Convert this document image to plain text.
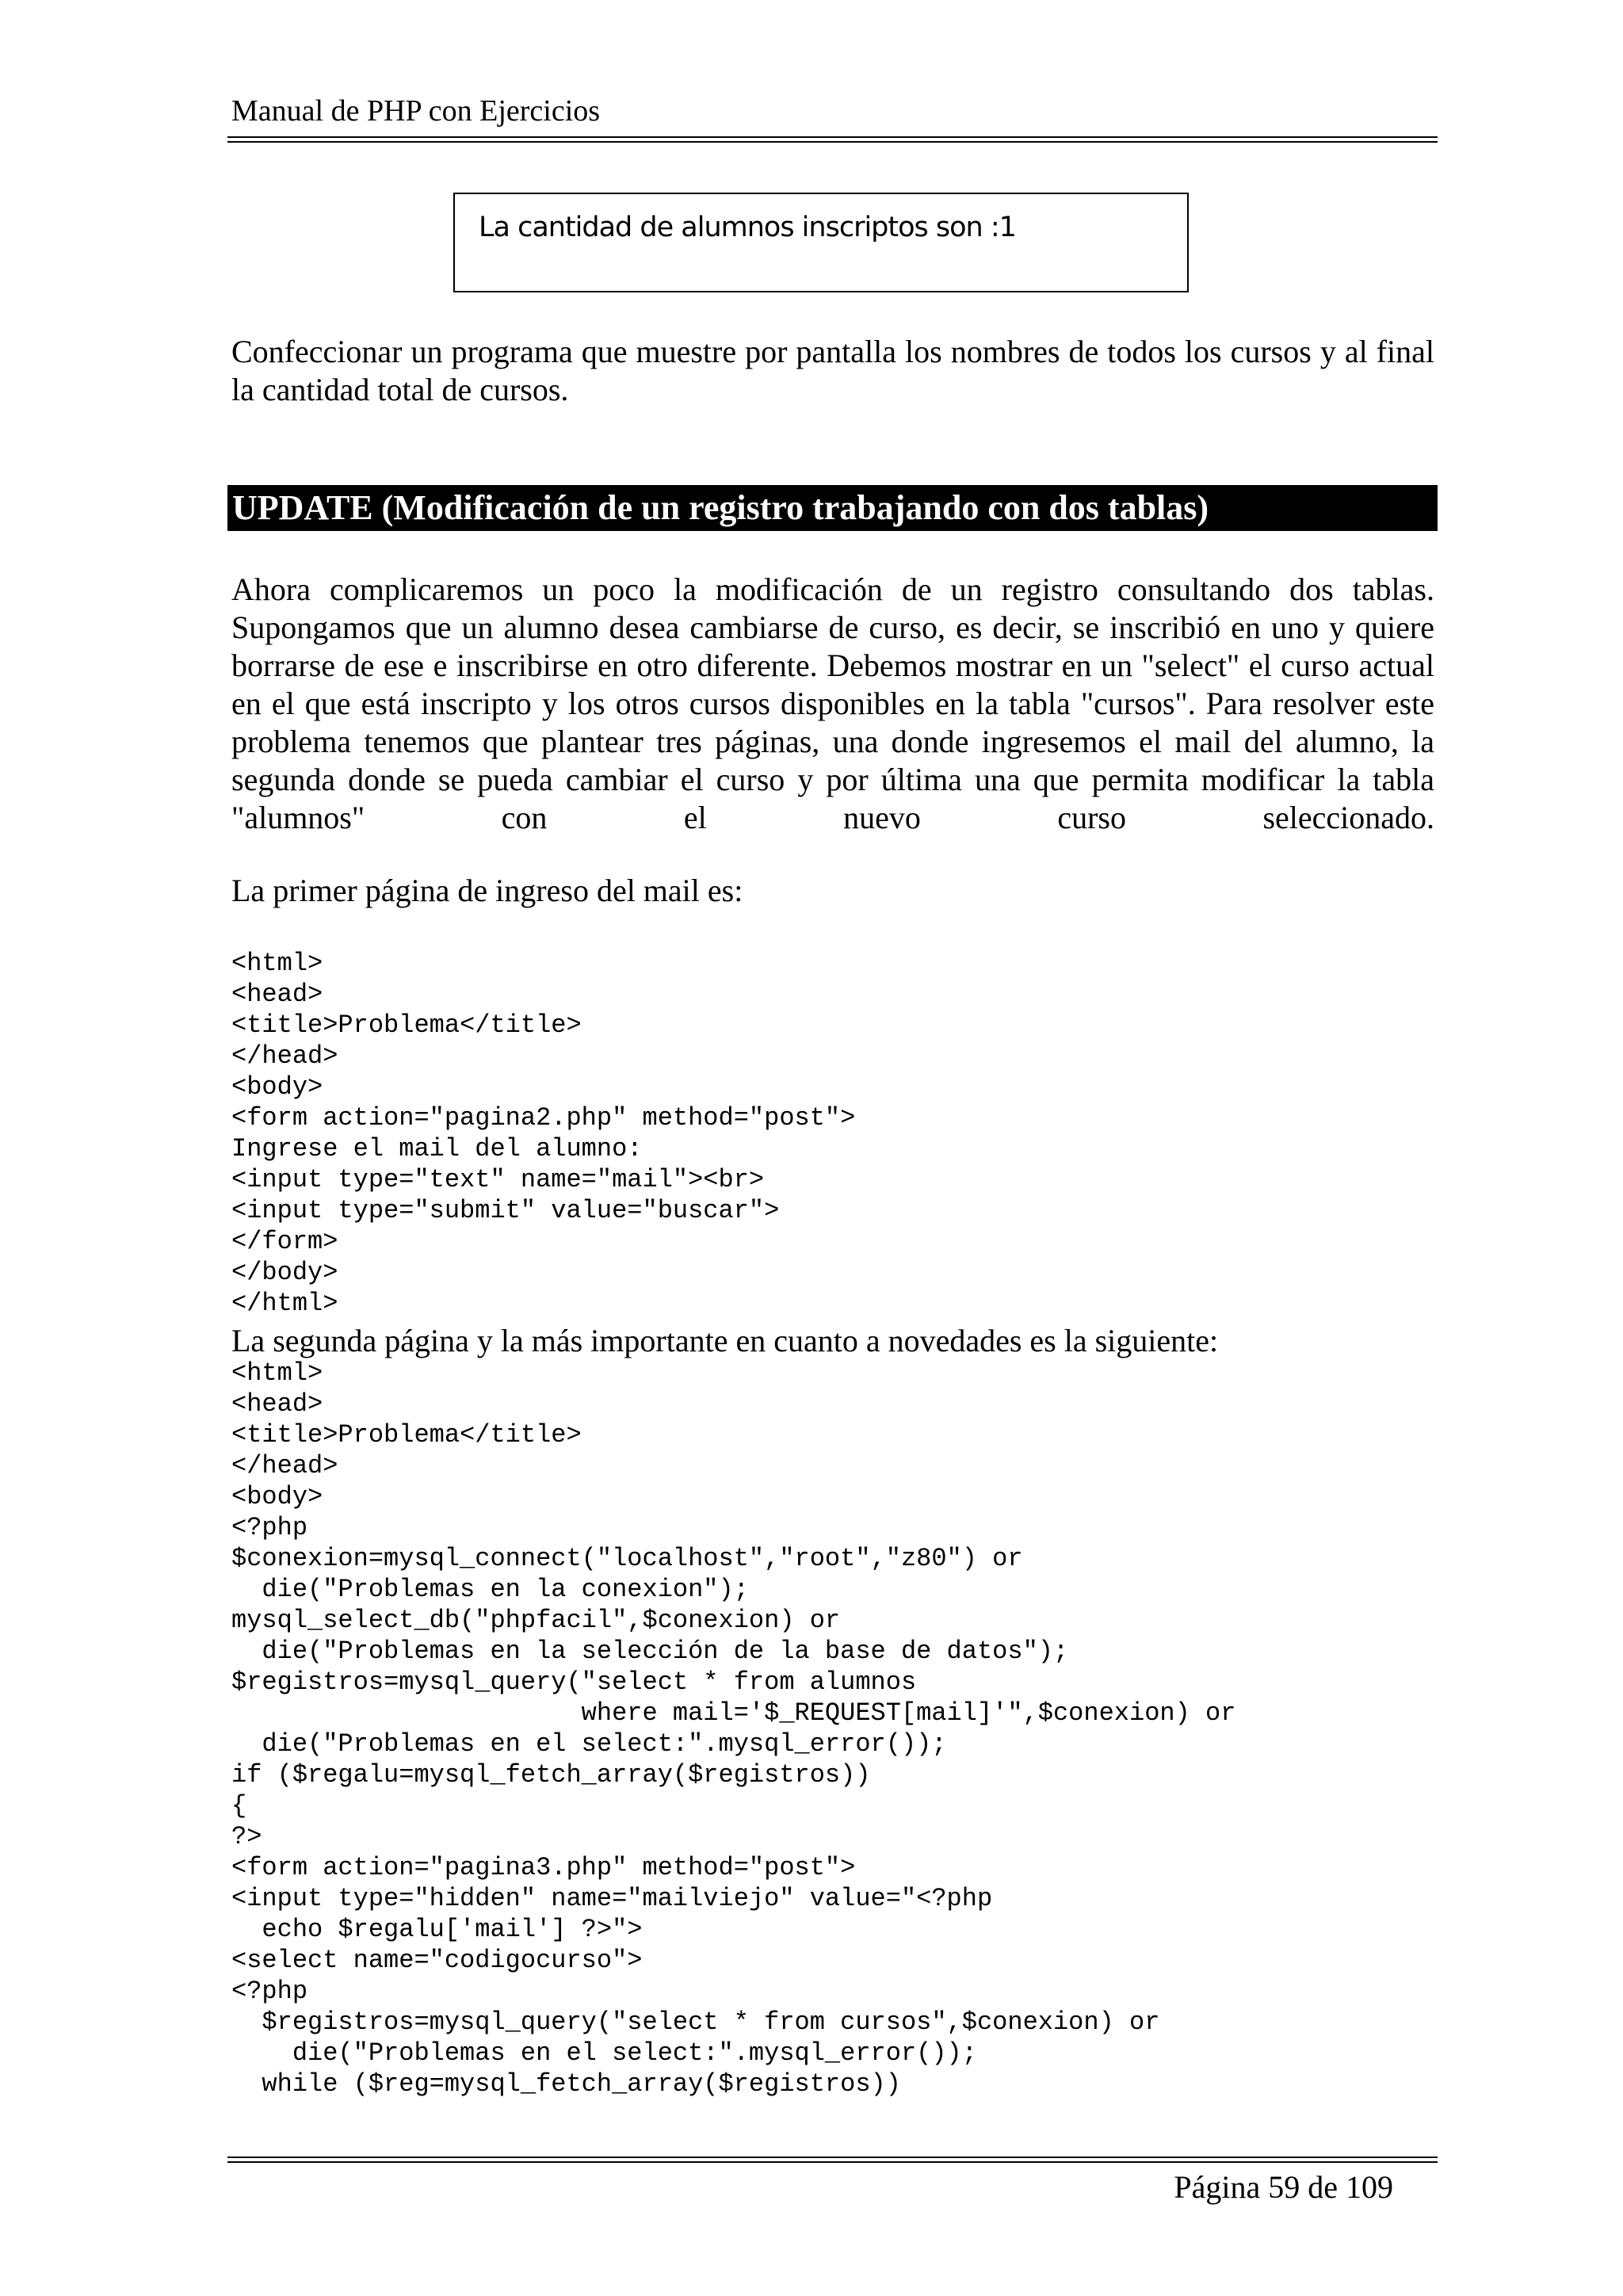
Manual de PHP con Ejercicios
La cantidad de alumnos inscriptos son :1
Confeccionar un programa que muestre por pantalla los nombres de todos los cursos y al final la cantidad total de cursos.
UPDATE (Modificación de un registro trabajando con dos tablas)
Ahora complicaremos un poco la modificación de un registro consultando dos tablas. Supongamos que un alumno desea cambiarse de curso, es decir, se inscribió en uno y quiere borrarse de ese e inscribirse en otro diferente. Debemos mostrar en un "select" el curso actual en el que está inscripto y los otros cursos disponibles en la tabla "cursos". Para resolver este problema tenemos que plantear tres páginas, una donde ingresemos el mail del alumno, la segunda donde se pueda cambiar el curso y por última una que permita modificar la tabla "alumnos" con el nuevo curso seleccionado.
La primer página de ingreso del mail es:
<html>
<head>
<title>Problema</title>
</head>
<body>
<form action="pagina2.php" method="post">
Ingrese el mail del alumno:
<input type="text" name="mail"><br>
<input type="submit" value="buscar">
</form>
</body>
</html>
La segunda página y la más importante en cuanto a novedades es la siguiente:
<html>
<head>
<title>Problema</title>
</head>
<body>
<?php
$conexion=mysql_connect("localhost","root","z80") or
die("Problemas en la conexion");
mysql_select_db("phpfacil",$conexion) or
die("Problemas en la selección de la base de datos");
$registros=mysql_query("select * from alumnos
where mail='$_REQUEST[mail]'",$conexion) or
die("Problemas en el select:".mysql_error());
if ($regalu=mysql_fetch_array($registros))
{
?>
<form action="pagina3.php" method="post">
<input type="hidden" name="mailviejo" value="<?php
echo $regalu['mail'] ?>">
<select name="codigocurso">
<?php
$registros=mysql_query("select * from cursos",$conexion) or
die("Problemas en el select:".mysql_error());
while ($reg=mysql_fetch_array($registros))
Página 59 de 109
